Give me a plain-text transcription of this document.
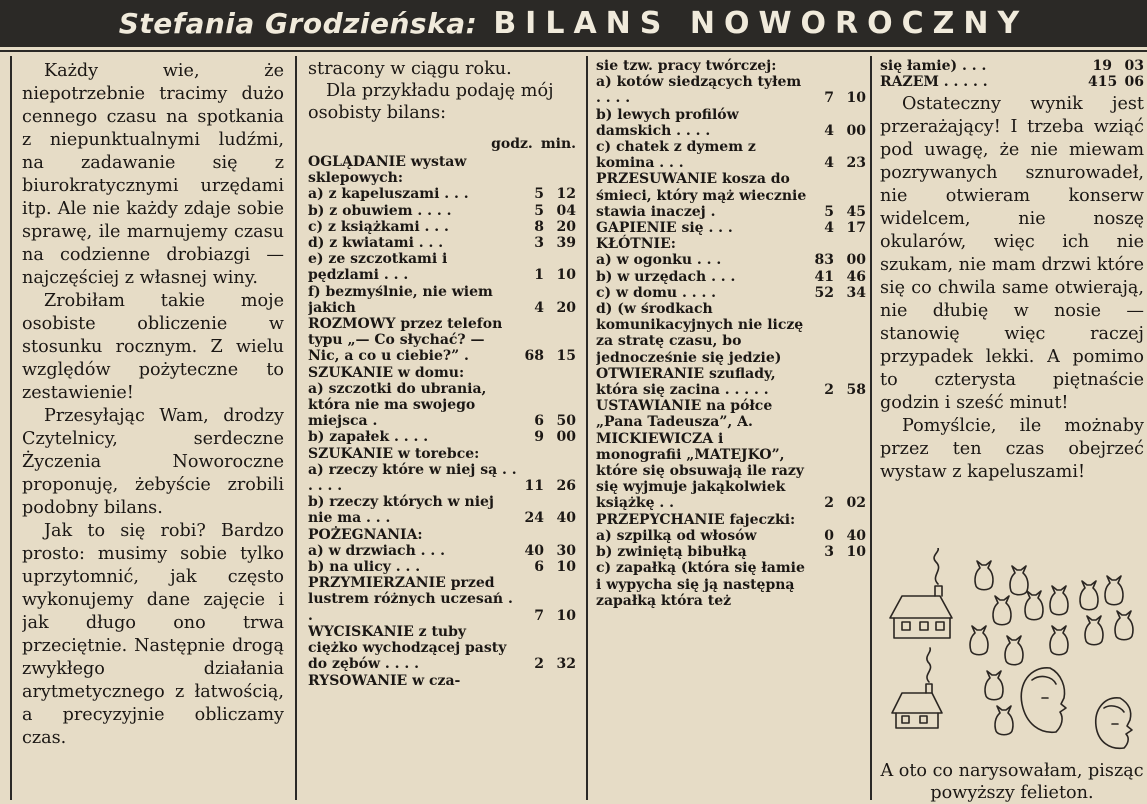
Stefania Grodzieńska: BILANS NOWOROCZNY

Każdy wie, że niepotrzebnie tracimy dużo cennego czasu na spotkania z niepunktualnymi ludźmi, na zadawanie się z biurokratycznymi urzędami itp. Ale nie każdy zdaje sobie sprawę, ile marnujemy czasu na codzienne drobiazgi — najczęściej z własnej winy.

Zrobiłam takie moje osobiste obliczenie w stosunku rocznym. Z wielu względów pożyteczne to zestawienie!

Przesyłając Wam, drodzy Czytelnicy, serdeczne Życzenia Noworoczne proponuję, żebyście zrobili podobny bilans.

Jak to się robi? Bardzo prosto: musimy sobie tylko uprzytomnić, jak często wykonujemy dane zajęcie i jak długo ono trwa przeciętnie. Następnie drogą zwykłego działania arytmetycznego z łatwością, a precyzyjnie obliczamy czas.

stracony w ciągu roku.

Dla przykładu podaję mój osobisty bilans:

godz. min.
OGLĄDANIE wystaw sklepowych:
a) z kapeluszami . . .	5 12
b) z obuwiem . . . .	5 04
c) z książkami . . .	8 20
d) z kwiatami . . .	3 39
e) ze szczotkami i pędzlami . . .	1 10
f) bezmyślnie, nie wiem jakich	4 20
ROZMOWY przez telefon typu „— Co słychać? — Nic, a co u ciebie?” .	68 15
SZUKANIE w domu:
a) szczotki do ubrania, która nie ma swojego miejsca .	6 50
b) zapałek . . . .	9 00
SZUKANIE w torebce:
a) rzeczy które w niej są . . . . . .	11 26
b) rzeczy których w niej nie ma . . .	24 40
POŻEGNANIA:
a) w drzwiach . . .	40 30
b) na ulicy . . .	6 10
PRZYMIERZANIE przed lustrem różnych uczesań . .	7 10
WYCISKANIE z tuby ciężko wychodzącej pasty do zębów . . . .	2 32
RYSOWANIE w cza-
sie tzw. pracy twórczej:
a) kotów siedzących tyłem . . . .	7 10
b) lewych profilów damskich . . . .	4 00
c) chatek z dymem z komina . . .	4 23
PRZESUWANIE kosza do śmieci, który mąż wiecznie stawia inaczej .	5 45
GAPIENIE się . . .	4 17
KŁÓTNIE:
a) w ogonku . . .	83 00
b) w urzędach . . .	41 46
c) w domu . . . .	52 34
d) (w środkach komunikacyjnych nie liczę za stratę czasu, bo jednocześnie się jedzie)
OTWIERANIE szuflady, która się zacina . . . . .	2 58
USTAWIANIE na półce „Pana Tadeusza”, A. MICKIEWICZA i monografii „MATEJKO”, które się obsuwają ile razy się wyjmuje jakąkolwiek książkę . .	2 02
PRZEPYCHANIE fajeczki:
a) szpilką od włosów	0 40
b) zwiniętą bibułką	3 10
c) zapałką (która się łamie i wypycha się ją następną zapałką która też
się łamie) . . .	19 03
RAZEM . . . . .	415 06

Ostateczny wynik jest przerażający! I trzeba wziąć pod uwagę, że nie miewam pozrywanych sznurowadeł, nie otwieram konserw widelcem, nie noszę okularów, więc ich nie szukam, nie mam drzwi które się co chwila same otwierają, nie dłubię w nosie — stanowię więc raczej przypadek lekki. A pomimo to czterysta piętnaście godzin i sześć minut!

Pomyślcie, ile możnaby przez ten czas obejrzeć wystaw z kapeluszami!

A oto co narysowałam, pisząc powyższy felieton.
